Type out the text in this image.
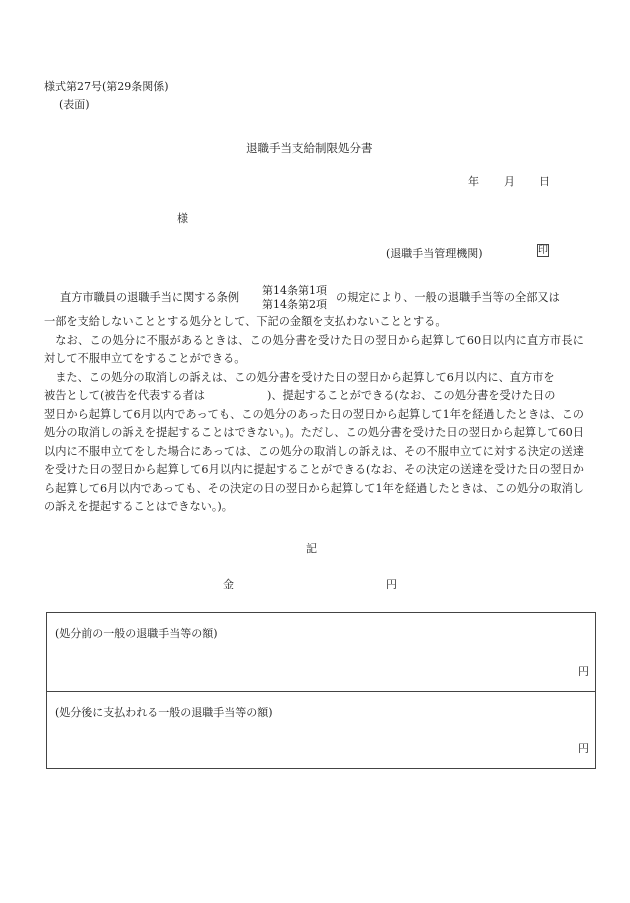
様式第27号(第29条関係)
(表面)
退職手当支給制限処分書
年 月 日
様
(退職手当管理機関)	印
第14条第1項
第14条第2項
直方市職員の退職手当に関する条例	の規定により、一般の退職手当等の全部又は

一部を支給しないこととする処分として、下記の金額を支払わないこととする。

なお、この処分に不服があるときは、この処分書を受けた日の翌日から起算して60日以内に直方市長に対して不服申立てをすることができる。

また、この処分の取消しの訴えは、この処分書を受けた日の翌日から起算して6月以内に、直方市を

被告として(被告を代表する者は	)、提起することができる(なお、この処分書を受けた日の

翌日から起算して6月以内であっても、この処分のあった日の翌日から起算して1年を経過したときは、この処分の取消しの訴えを提起することはできない。)。ただし、この処分書を受けた日の翌日から起算して60日以内に不服申立てをした場合にあっては、この処分の取消しの訴えは、その不服申立てに対する決定の送達を受けた日の翌日から起算して6月以内に提起することができる(なお、その決定の送達を受けた日の翌日から起算して6月以内であっても、その決定の日の翌日から起算して1年を経過したときは、この処分の取消しの訴えを提起することはできない。)。

記
金	円
(処分前の一般の退職手当等の額)
円
(処分後に支払われる一般の退職手当等の額)
円
